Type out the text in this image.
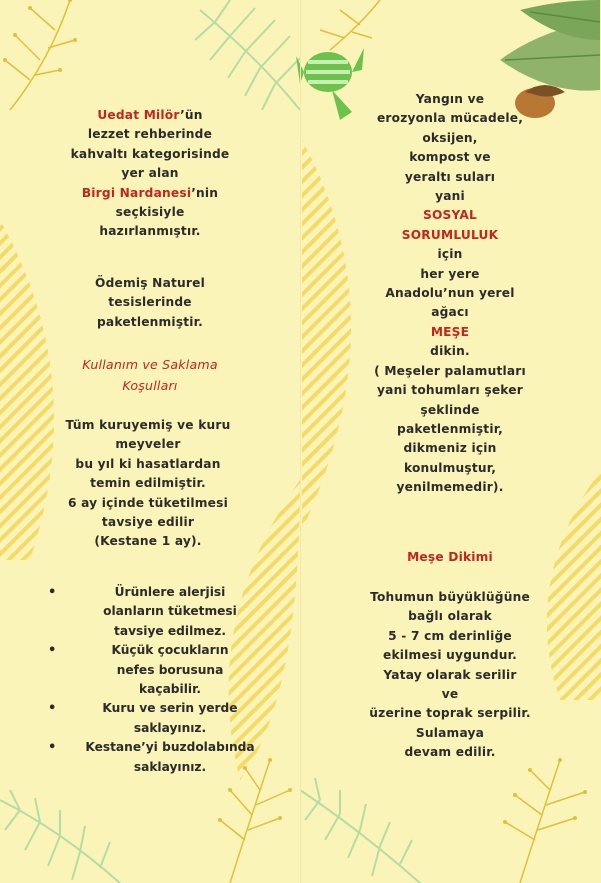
Uedat Milör’ün

lezzet rehberinde

kahvaltı kategorisinde

yer alan

Birgi Nardanesi’nin

seçkisiyle

hazırlanmıştır.

Ödemiş Naturel

tesislerinde

paketlenmiştir.

Kullanım ve Saklama

Koşulları

Tüm kuruyemiş ve kuru

meyveler

bu yıl ki hasatlardan

temin edilmiştir.

6 ay içinde tüketilmesi

tavsiye edilir

(Kestane 1 ay).

•	Ürünlere alerjisi
olanların tüketmesi
tavsiye edilmez.
•	Küçük çocukların
nefes borusuna
kaçabilir.
•	Kuru ve serin yerde
saklayınız.
•	Kestane’yi buzdolabında
saklayınız.

Yangın ve

erozyonla mücadele,

oksijen,

kompost ve

yeraltı suları

yani

SOSYAL

SORUMLULUK

için

her yere

Anadolu’nun yerel

ağacı

MEŞE

dikin.

( Meşeler palamutları

yani tohumları şeker

şeklinde

paketlenmiştir,

dikmeniz için

konulmuştur,

yenilmemedir).

Meşe Dikimi

Tohumun büyüklüğüne

bağlı olarak

5 - 7 cm derinliğe

ekilmesi uygundur.

Yatay olarak serilir

ve

üzerine toprak serpilir.

Sulamaya

devam edilir.
